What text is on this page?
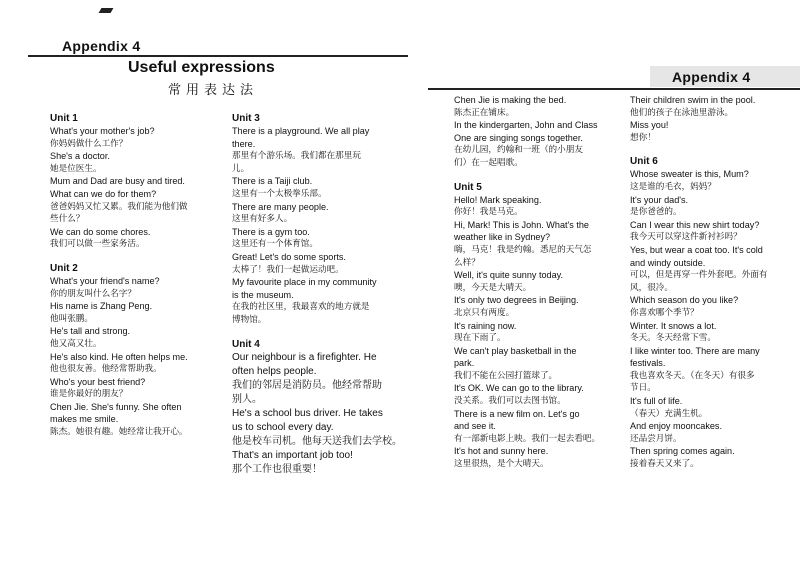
Appendix 4
Useful expressions
常用表达法
Unit 1
What's your mother's job?
你妈妈做什么工作？
She's a doctor.
她是位医生。
Mum and Dad are busy and tired.
What can we do for them?
爸爸妈妈又忙又累。我们能为他们做
些什么？
We can do some chores.
我们可以做一些家务活。
Unit 2
What's your friend's name?
你的朋友叫什么名字？
His name is Zhang Peng.
他叫张鹏。
He's tall and strong.
他又高又壮。
He's also kind. He often helps me.
他也很友善。他经常帮助我。
Who's your best friend?
谁是你最好的朋友？
Chen Jie. She's funny. She often
makes me smile.
陈杰。她很有趣。她经常让我开心。
Unit 3
There is a playground. We all play
there.
那里有个游乐场。我们都在那里玩
儿。
There is a Taiji club.
这里有一个太极拳乐部。
There are many people.
这里有好多人。
There is a gym too.
这里还有一个体育馆。
Great! Let's do some sports.
太棒了！我们一起做运动吧。
My favourite place in my community
is the museum.
在我的社区里，我最喜欢的地方就是
博物馆。
Unit 4
Our neighbour is a firefighter. He
often helps people.
我们的邻居是消防员。他经常帮助
别人。
He's a school bus driver. He takes
us to school every day.
他是校车司机。他每天送我们去学校。
That's an important job too!
那个工作也很重要！
Appendix 4
Chen Jie is making the bed.
陈杰正在铺床。
In the kindergarten, John and Class
One are singing songs together.
在幼儿园，约翰和一班（的小朋友
们）在一起唱歌。
Unit 5
Hello! Mark speaking.
你好！我是马克。
Hi, Mark! This is John. What's the
weather like in Sydney?
嗨，马克！我是约翰。悉尼的天气怎
么样？
Well, it's quite sunny today.
噢，今天是大晴天。
It's only two degrees in Beijing.
北京只有两度。
It's raining now.
现在下雨了。
We can't play basketball in the
park.
我们不能在公园打篮球了。
It's OK. We can go to the library.
没关系。我们可以去图书馆。
There is a new film on. Let's go
and see it.
有一部新电影上映。我们一起去看吧。
It's hot and sunny here.
这里很热，是个大晴天。
Their children swim in the pool.
他们的孩子在泳池里游泳。
Miss you!
想你！
Unit 6
Whose sweater is this, Mum?
这是谁的毛衣，妈妈？
It's your dad's.
是你爸爸的。
Can I wear this new shirt today?
我今天可以穿这件新衬衫吗？
Yes, but wear a coat too. It's cold
and windy outside.
可以，但是再穿一件外套吧。外面有
风，很冷。
Which season do you like?
你喜欢哪个季节？
Winter. It snows a lot.
冬天。冬天经常下雪。
I like winter too. There are many
festivals.
我也喜欢冬天。（在冬天）有很多
节日。
It's full of life.
（春天）充满生机。
And enjoy mooncakes.
还品尝月饼。
Then spring comes again.
接着春天又来了。
